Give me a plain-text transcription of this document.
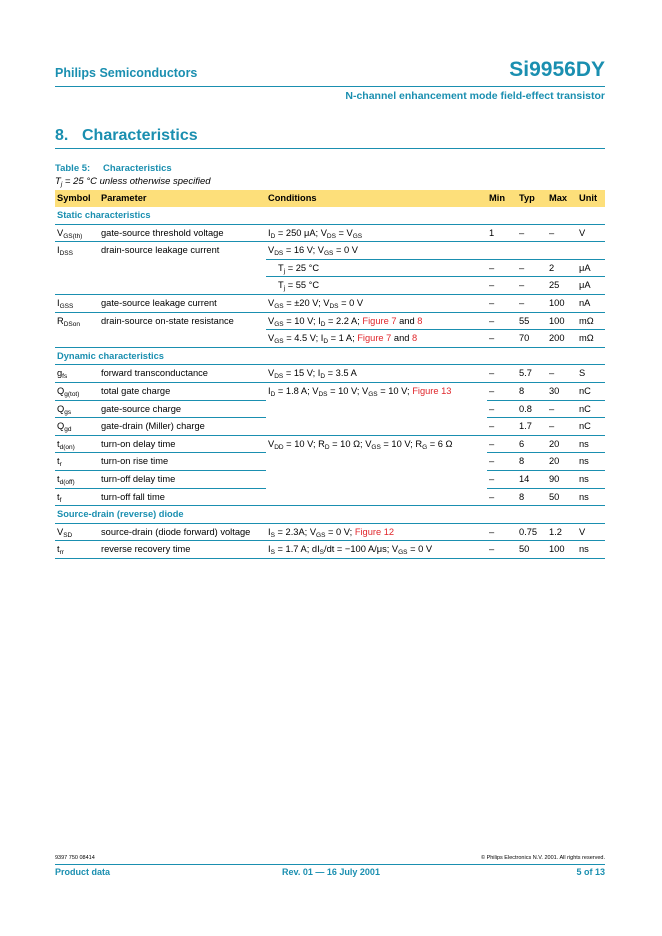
Philips Semiconductors	Si9956DY
N-channel enhancement mode field-effect transistor
8. Characteristics
Table 5: Characteristics
$T_j = 25$ °C unless otherwise specified
Symbol	Parameter	Conditions	Min	Typ	Max	Unit
Static characteristics						
$V_{GS(th)}$	gate-source threshold voltage	$I_D = 250$ μA; $V_{DS} = V_{GS}$	1	–	–	V
$I_{DSS}$	drain-source leakage current	$V_{DS} = 16$ V; $V_{GS} = 0$ V				
		$T_j = 25$ °C	–	–	2	μA
		$T_j = 55$ °C	–	–	25	μA
$I_{GSS}$	gate-source leakage current	$V_{GS} = \pm 20$ V; $V_{DS} = 0$ V	–	–	100	nA
$R_{DSon}$	drain-source on-state resistance	$V_{GS} = 10$ V; $I_D = 2.2$ A; Figure 7 and 8	–	55	100	mΩ
		$V_{GS} = 4.5$ V; $I_D = 1$ A; Figure 7 and 8	–	70	200	mΩ
Dynamic characteristics						
$g_{fs}$	forward transconductance	$V_{DS} = 15$ V; $I_D = 3.5$ A	–	5.7	–	S
$Q_{g(tot)}$	total gate charge	$I_D = 1.8$ A; $V_{DS} = 10$ V; $V_{GS} = 10$ V; Figure 13	–	8	30	nC
$Q_{gs}$	gate-source charge		–	0.8	–	nC
$Q_{gd}$	gate-drain (Miller) charge		–	1.7	–	nC
$t_{d(on)}$	turn-on delay time	$V_{DD} = 10$ V; $R_D = 10$ Ω; $V_{GS} = 10$ V; $R_G = 6$ Ω	–	6	20	ns
$t_r$	turn-on rise time		–	8	20	ns
$t_{d(off)}$	turn-off delay time		–	14	90	ns
$t_f$	turn-off fall time		–	8	50	ns
Source-drain (reverse) diode						
$V_{SD}$	source-drain (diode forward) voltage	$I_S = 2.3A$; $V_{GS} = 0$ V; Figure 12	–	0.75	1.2	V
$t_{rr}$	reverse recovery time	$I_S = 1.7$ A; $dI_S/dt = -100$ A/μs; $V_{GS} = 0$ V	–	50	100	ns
9397 750 08414	© Philips Electronics N.V. 2001. All rights reserved.
Product data	Rev. 01 — 16 July 2001	5 of 13
